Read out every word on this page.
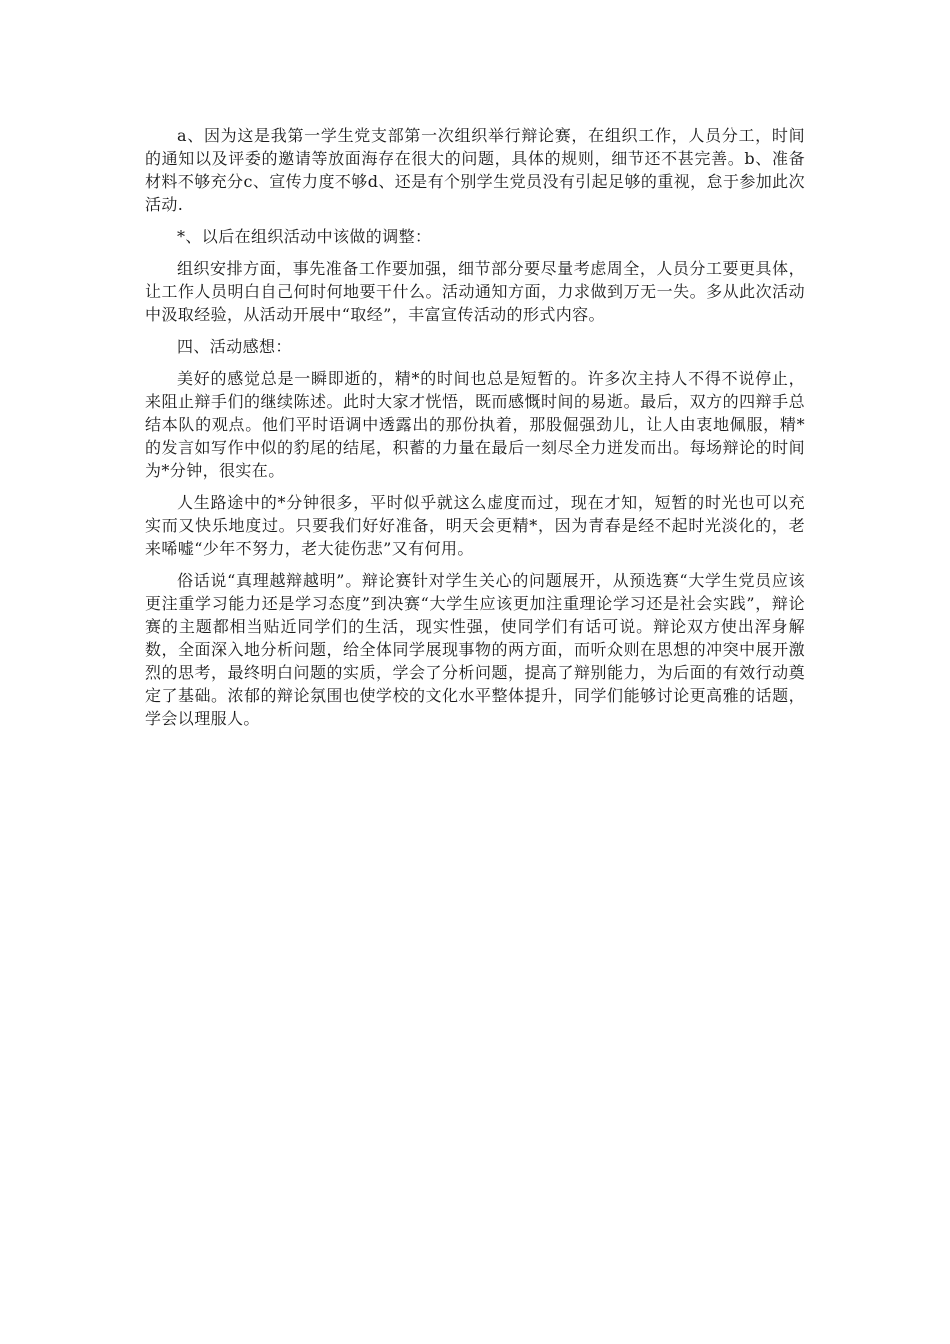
a、因为这是我第一学生党支部第一次组织举行辩论赛，在组织工作，人员分工，时间的通知以及评委的邀请等放面海存在很大的问题，具体的规则，细节还不甚完善。b、准备材料不够充分c、宣传力度不够d、还是有个别学生党员没有引起足够的重视，怠于参加此次活动.

*、以后在组织活动中该做的调整：

组织安排方面，事先准备工作要加强，细节部分要尽量考虑周全，人员分工要更具体，让工作人员明白自己何时何地要干什么。活动通知方面，力求做到万无一失。多从此次活动中汲取经验，从活动开展中“取经”，丰富宣传活动的形式内容。

四、活动感想：

美好的感觉总是一瞬即逝的，精*的时间也总是短暂的。许多次主持人不得不说停止，来阻止辩手们的继续陈述。此时大家才恍悟，既而感慨时间的易逝。最后，双方的四辩手总结本队的观点。他们平时语调中透露出的那份执着，那股倔强劲儿，让人由衷地佩服，精*的发言如写作中似的豹尾的结尾，积蓄的力量在最后一刻尽全力迸发而出。每场辩论的时间为*分钟，很实在。

人生路途中的*分钟很多，平时似乎就这么虚度而过，现在才知，短暂的时光也可以充实而又快乐地度过。只要我们好好准备，明天会更精*，因为青春是经不起时光淡化的，老来唏嘘“少年不努力，老大徒伤悲”又有何用。

俗话说“真理越辩越明”。辩论赛针对学生关心的问题展开，从预选赛“大学生党员应该更注重学习能力还是学习态度”到决赛“大学生应该更加注重理论学习还是社会实践”，辩论赛的主题都相当贴近同学们的生活，现实性强，使同学们有话可说。辩论双方使出浑身解数，全面深入地分析问题，给全体同学展现事物的两方面，而听众则在思想的冲突中展开激烈的思考，最终明白问题的实质，学会了分析问题，提高了辩别能力，为后面的有效行动奠定了基础。浓郁的辩论氛围也使学校的文化水平整体提升，同学们能够讨论更高雅的话题，学会以理服人。
